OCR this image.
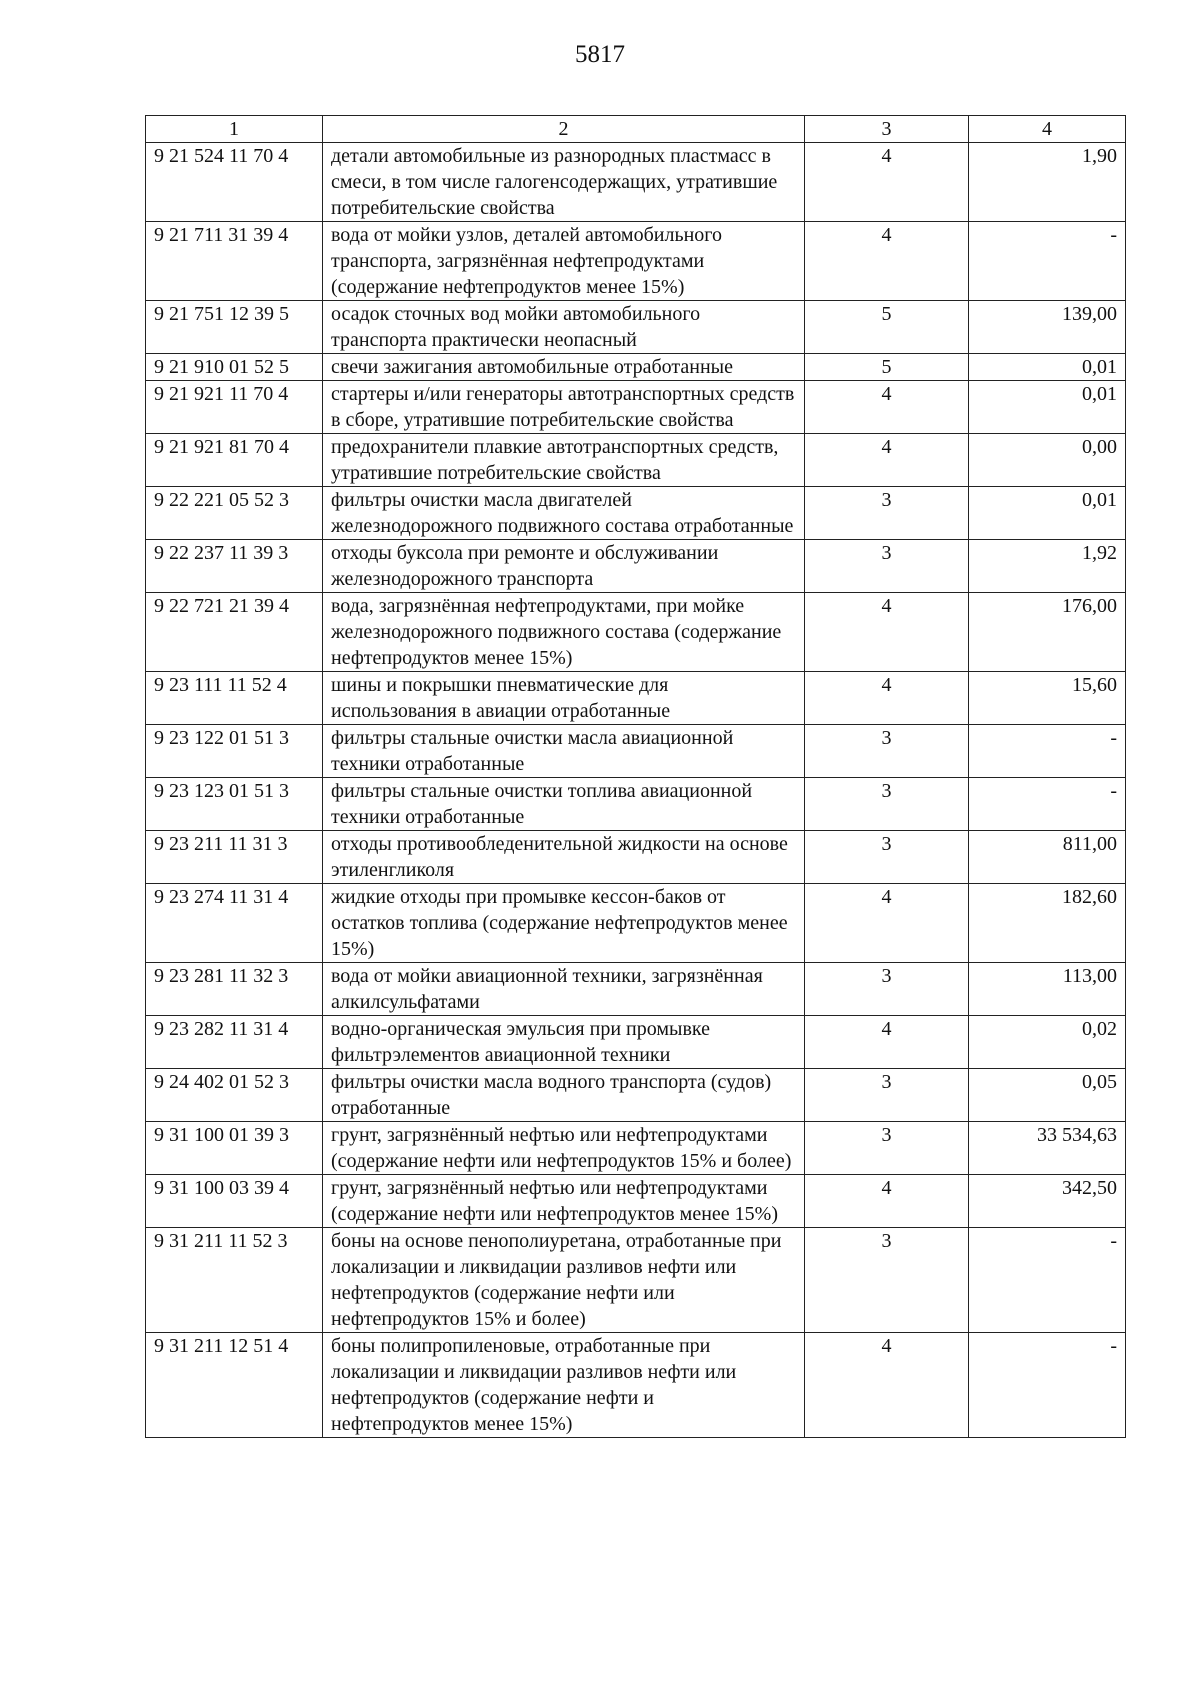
5817
1	2	3	4
9 21 524 11 70 4	детали автомобильные из разнородных пластмасс в смеси, в том числе галогенсодержащих, утратившие потребительские свойства	4	1,90
9 21 711 31 39 4	вода от мойки узлов, деталей автомобильного транспорта, загрязнённая нефтепродуктами (содержание нефтепродуктов менее 15%)	4	-
9 21 751 12 39 5	осадок сточных вод мойки автомобильного транспорта практически неопасный	5	139,00
9 21 910 01 52 5	свечи зажигания автомобильные отработанные	5	0,01
9 21 921 11 70 4	стартеры и/или генераторы автотранспортных средств в сборе, утратившие потребительские свойства	4	0,01
9 21 921 81 70 4	предохранители плавкие автотранспортных средств, утратившие потребительские свойства	4	0,00
9 22 221 05 52 3	фильтры очистки масла двигателей железнодорожного подвижного состава отработанные	3	0,01
9 22 237 11 39 3	отходы буксола при ремонте и обслуживании железнодорожного транспорта	3	1,92
9 22 721 21 39 4	вода, загрязнённая нефтепродуктами, при мойке железнодорожного подвижного состава (содержание нефтепродуктов менее 15%)	4	176,00
9 23 111 11 52 4	шины и покрышки пневматические для использования в авиации отработанные	4	15,60
9 23 122 01 51 3	фильтры стальные очистки масла авиационной техники отработанные	3	-
9 23 123 01 51 3	фильтры стальные очистки топлива авиационной техники отработанные	3	-
9 23 211 11 31 3	отходы противообледенительной жидкости на основе этиленгликоля	3	811,00
9 23 274 11 31 4	жидкие отходы при промывке кессон-баков от остатков топлива (содержание нефтепродуктов менее 15%)	4	182,60
9 23 281 11 32 3	вода от мойки авиационной техники, загрязнённая алкилсульфатами	3	113,00
9 23 282 11 31 4	водно-органическая эмульсия при промывке фильтрэлементов авиационной техники	4	0,02
9 24 402 01 52 3	фильтры очистки масла водного транспорта (судов) отработанные	3	0,05
9 31 100 01 39 3	грунт, загрязнённый нефтью или нефтепродуктами (содержание нефти или нефтепродуктов 15% и более)	3	33 534,63
9 31 100 03 39 4	грунт, загрязнённый нефтью или нефтепродуктами (содержание нефти или нефтепродуктов менее 15%)	4	342,50
9 31 211 11 52 3	боны на основе пенополиуретана, отработанные при локализации и ликвидации разливов нефти или нефтепродуктов (содержание нефти или нефтепродуктов 15% и более)	3	-
9 31 211 12 51 4	боны полипропиленовые, отработанные при локализации и ликвидации разливов нефти или нефтепродуктов (содержание нефти и нефтепродуктов менее 15%)	4	-
